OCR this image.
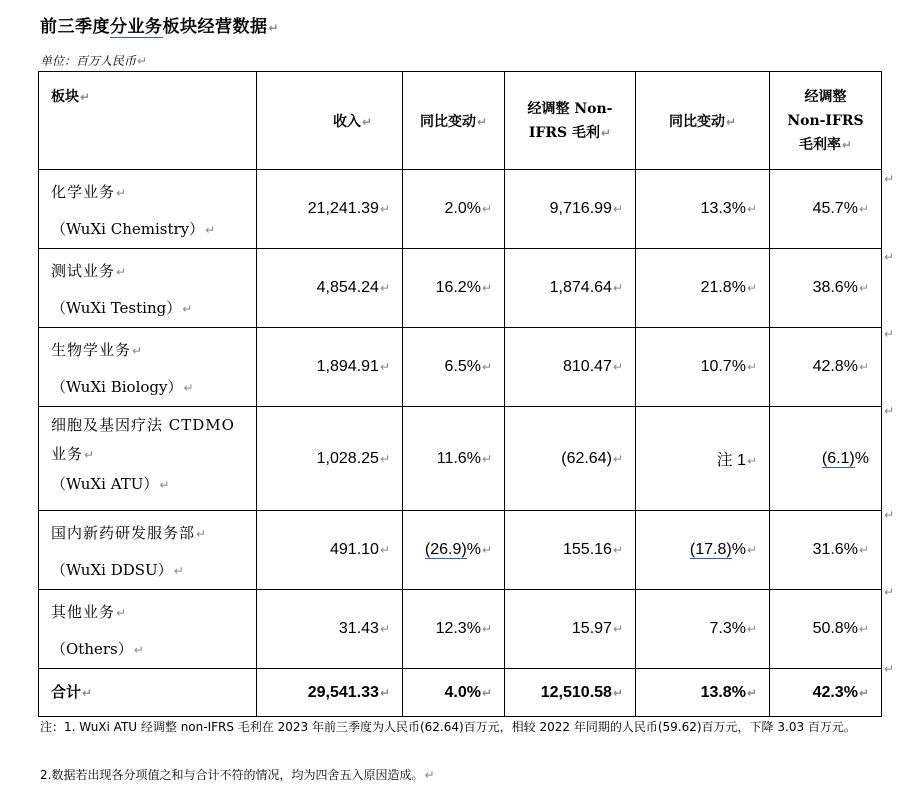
前三季度分业务板块经营数据↵
单位：百万人民币↵
板块↵	收入↵	同比变动↵	经调整 Non-
IFRS 毛利↵	同比变动↵	经调整
Non-IFRS
毛利率↵

化学业务↵
（WuXi Chemistry）↵	21,241.39↵	2.0%↵	9,716.99↵	13.3%↵	45.7%↵

测试业务↵
（WuXi Testing）↵	4,854.24↵	16.2%↵	1,874.64↵	21.8%↵	38.6%↵

生物学业务↵
（WuXi Biology）↵	1,894.91↵	6.5%↵	810.47↵	10.7%↵	42.8%↵

细胞及基因疗法 CTDMO
业务↵
（WuXi ATU）↵	1,028.25↵	11.6%↵	(62.64)↵	注 1↵	(6.1)%

国内新药研发服务部↵
（WuXi DDSU）↵	491.10↵	(26.9)%↵	155.16↵	(17.8)%↵	31.6%↵

其他业务↵
（Others）↵	31.43↵	12.3%↵	15.97↵	7.3%↵	50.8%↵
合计↵	29,541.33↵	4.0%↵	12,510.58↵	13.8%↵	42.3%↵
↵
↵
↵
↵
↵
↵
↵
注：1. WuXi ATU 经调整 non-IFRS 毛利在 2023 年前三季度为人民币(62.64)百万元，相较 2022 年同期的人民币(59.62)百万元，下降 3.03 百万元。
2.数据若出现各分项值之和与合计不符的情况，均为四舍五入原因造成。↵
